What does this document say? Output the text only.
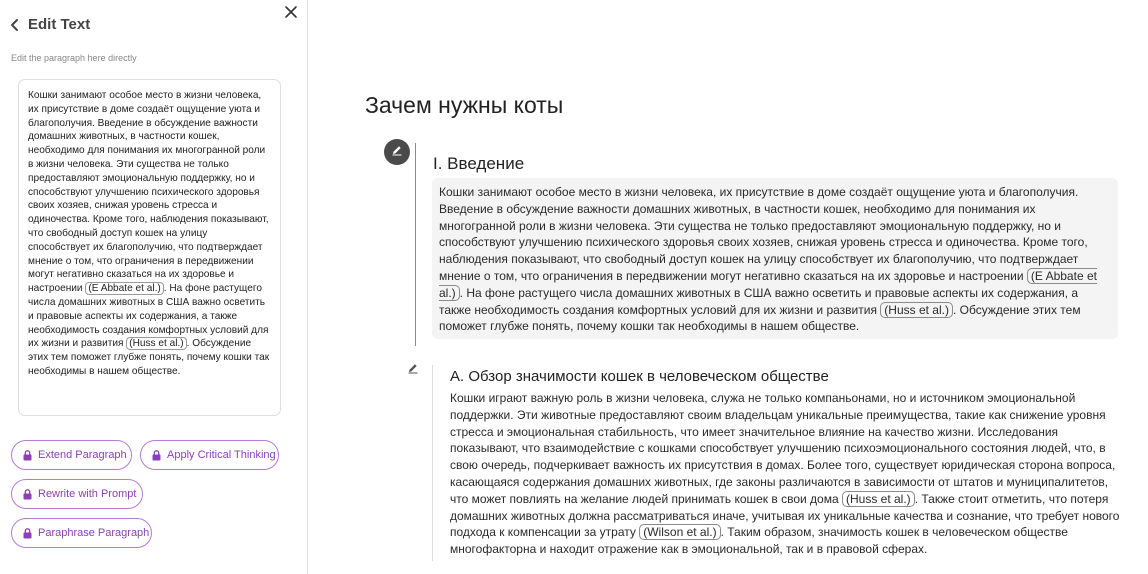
Edit Text
Edit the paragraph here directly
Кошки занимают особое место в жизни человека, их присутствие в доме создаёт ощущение уюта и благополучия. Введение в обсуждение важности домашних животных, в частности кошек, необходимо для понимания их многогранной роли в жизни человека. Эти существа не только предоставляют эмоциональную поддержку, но и способствуют улучшению психического здоровья своих хозяев, снижая уровень стресса и одиночества. Кроме того, наблюдения показывают, что свободный доступ кошек на улицу способствует их благополучию, что подтверждает мнение о том, что ограничения в передвижении могут негативно сказаться на их здоровье и настроении (E Abbate et al.) . На фоне растущего числа домашних животных в США важно осветить и правовые аспекты их содержания, а также необходимость создания комфортных условий для их жизни и развития (Huss et al.) . Обсуждение этих тем поможет глубже понять, почему кошки так необходимы в нашем обществе.
Extend Paragraph	Apply Critical Thinking
Rewrite with Prompt
Paraphrase Paragraph
Зачем нужны коты
I. Введение
Кошки занимают особое место в жизни человека, их присутствие в доме создаёт ощущение уюта и благополучия. Введение в обсуждение важности домашних животных, в частности кошек, необходимо для понимания их многогранной роли в жизни человека. Эти существа не только предоставляют эмоциональную поддержку, но и способствуют улучшению психического здоровья своих хозяев, снижая уровень стресса и одиночества. Кроме того, наблюдения показывают, что свободный доступ кошек на улицу способствует их благополучию, что подтверждает мнение о том, что ограничения в передвижении могут негативно сказаться на их здоровье и настроении (E Abbate et al.) . На фоне растущего числа домашних животных в США важно осветить и правовые аспекты их содержания, а также необходимость создания комфортных условий для их жизни и развития (Huss et al.) . Обсуждение этих тем поможет глубже понять, почему кошки так необходимы в нашем обществе.
A. Обзор значимости кошек в человеческом обществе
Кошки играют важную роль в жизни человека, служа не только компаньонами, но и источником эмоциональной поддержки. Эти животные предоставляют своим владельцам уникальные преимущества, такие как снижение уровня стресса и эмоциональная стабильность, что имеет значительное влияние на качество жизни. Исследования показывают, что взаимодействие с кошками способствует улучшению психоэмоционального состояния людей, что, в свою очередь, подчеркивает важность их присутствия в домах. Более того, существует юридическая сторона вопроса, касающаяся содержания домашних животных, где законы различаются в зависимости от штатов и муниципалитетов, что может повлиять на желание людей принимать кошек в свои дома (Huss et al.) . Также стоит отметить, что потеря домашних животных должна рассматриваться иначе, учитывая их уникальные качества и сознание, что требует нового подхода к компенсации за утрату (Wilson et al.) . Таким образом, значимость кошек в человеческом обществе многофакторна и находит отражение как в эмоциональной, так и в правовой сферах.
